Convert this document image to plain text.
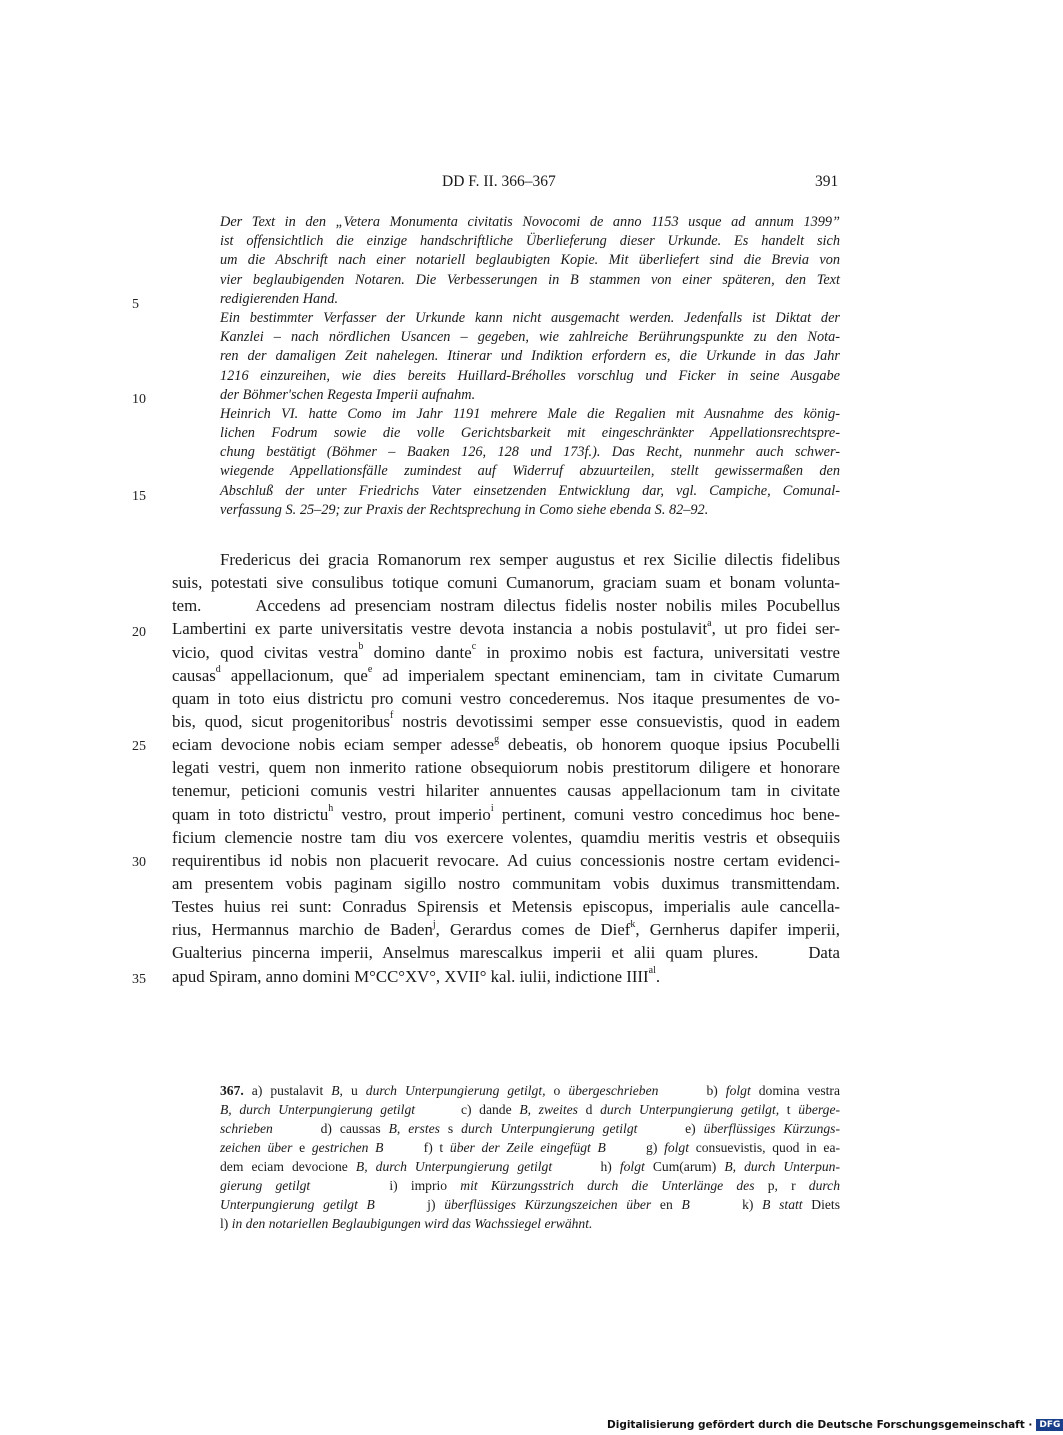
DD F. II. 366–367	391
5
10
15
20
25
30
35
Der Text in den „Vetera Monumenta civitatis Novocomi de anno 1153 usque ad annum 1399”
ist offensichtlich die einzige handschriftliche Überlieferung dieser Urkunde. Es handelt sich
um die Abschrift nach einer notariell beglaubigten Kopie. Mit überliefert sind die Brevia von
vier beglaubigenden Notaren. Die Verbesserungen in B stammen von einer späteren, den Text
redigierenden Hand.
Ein bestimmter Verfasser der Urkunde kann nicht ausgemacht werden. Jedenfalls ist Diktat der
Kanzlei – nach nördlichen Usancen – gegeben, wie zahlreiche Berührungspunkte zu den Nota-
ren der damaligen Zeit nahelegen. Itinerar und Indiktion erfordern es, die Urkunde in das Jahr
1216 einzureihen, wie dies bereits Huillard-Bréholles vorschlug und Ficker in seine Ausgabe
der Böhmer'schen Regesta Imperii aufnahm.
Heinrich VI. hatte Como im Jahr 1191 mehrere Male die Regalien mit Ausnahme des könig-
lichen Fodrum sowie die volle Gerichtsbarkeit mit eingeschränkter Appellationsrechtspre-
chung bestätigt (Böhmer – Baaken 126, 128 und 173f.). Das Recht, nunmehr auch schwer-
wiegende Appellationsfälle zumindest auf Widerruf abzuurteilen, stellt gewissermaßen den
Abschluß der unter Friedrichs Vater einsetzenden Entwicklung dar, vgl. Campiche, Comunal-
verfassung S. 25–29; zur Praxis der Rechtsprechung in Como siehe ebenda S. 82–92.
Fredericus dei gracia Romanorum rex semper augustus et rex Sicilie dilectis fidelibus
suis, potestati sive consulibus totique comuni Cumanorum, graciam suam et bonam volunta-
tem.	Accedens ad presenciam nostram dilectus fidelis noster nobilis miles Pocubellus
Lambertini ex parte universitatis vestre devota instancia a nobis postulavit$^a$, ut pro fidei ser-
vicio, quod civitas vestra$^b$ domino dante$^c$ in proximo nobis est factura, universitati vestre
causas$^d$ appellacionum, que$^e$ ad imperialem spectant eminenciam, tam in civitate Cumarum
quam in toto eius districtu pro comuni vestro concederemus. Nos itaque presumentes de vo-
bis, quod, sicut progenitoribus$^f$ nostris devotissimi semper esse consuevistis, quod in eadem
eciam devocione nobis eciam semper adesse$^g$ debeatis, ob honorem quoque ipsius Pocubelli
legati vestri, quem non inmerito ratione obsequiorum nobis prestitorum diligere et honorare
tenemur, peticioni comunis vestri hilariter annuentes causas appellacionum tam in civitate
quam in toto districtu$^h$ vestro, prout imperio$^i$ pertinent, comuni vestro concedimus hoc bene-
ficium clemencie nostre tam diu vos exercere volentes, quamdiu meritis vestris et obsequiis
requirentibus id nobis non placuerit revocare. Ad cuius concessionis nostre certam evidenci-
am presentem vobis paginam sigillo nostro communitam vobis duximus transmittendam.
Testes huius rei sunt: Conradus Spirensis et Metensis episcopus, imperialis aule cancella-
rius, Hermannus marchio de Baden$^j$, Gerardus comes de Dief$^k$, Gernherus dapifer imperii,
Gualterius pincerna imperii, Anselmus marescalkus imperii et alii quam plures.	Data
apud Spiram, anno domini M°CC°XV°, XVII° kal. iulii, indictione $IIII^{al}$.
367. a) pustalavit B, u durch Unterpungierung getilgt, o übergeschrieben      b) folgt domina vestra
B, durch Unterpungierung getilgt      c) dande B, zweites d durch Unterpungierung getilgt, t überge-
schrieben      d) caussas B, erstes s durch Unterpungierung getilgt      e) überflüssiges Kürzungs-
zeichen über e gestrichen B      f) t über der Zeile eingefügt B      g) folgt consuevistis, quod in ea-
dem eciam devocione B, durch Unterpungierung getilgt      h) folgt Cum(arum) B, durch Unterpun-
gierung getilgt      i) imprio mit Kürzungsstrich durch die Unterlänge des p, r durch
Unterpungierung getilgt B      j) überflüssiges Kürzungszeichen über en B      k) B statt Diets
l) in den notariellen Beglaubigungen wird das Wachssiegel erwähnt.
Digitalisierung gefördert durch die Deutsche Forschungsgemeinschaft · DFG
